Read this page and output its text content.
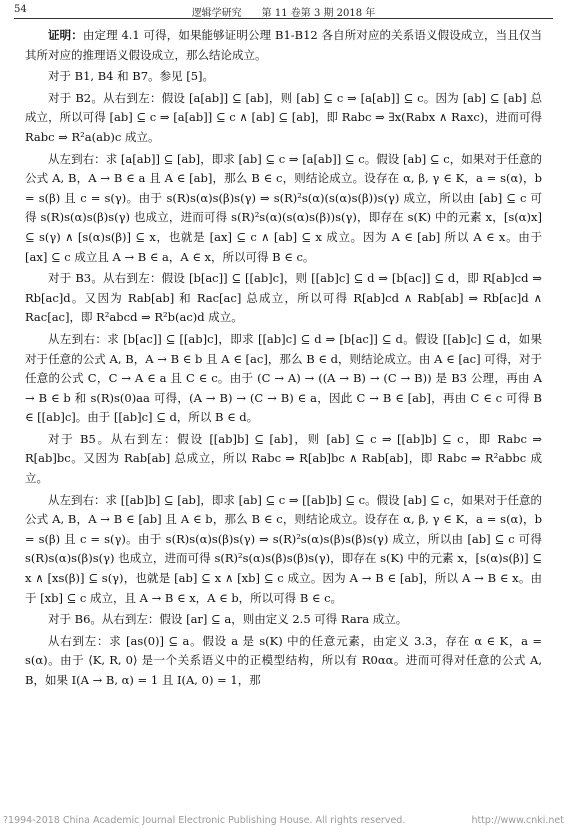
54	逻辑学研究　　第 11 卷第 3 期 2018 年

证明：由定理 4.1 可得，如果能够证明公理 B1-B12 各自所对应的关系语义假设成立，当且仅当其所对应的推理语义假设成立，那么结论成立。

对于 B1, B4 和 B7。参见 [5]。

对于 B2。从右到左：假设 [a[ab]] ⊆ [ab]，则 [ab] ⊆ c ⇒ [a[ab]] ⊆ c。因为 [ab] ⊆ [ab] 总成立，所以可得 [ab] ⊆ c ⇒ [a[ab]] ⊆ c ∧ [ab] ⊆ [ab]，即 Rabc ⇒ ∃x(Rabx ∧ Raxc)，进而可得 Rabc ⇒ R²a(ab)c 成立。

从左到右：求 [a[ab]] ⊆ [ab]，即求 [ab] ⊆ c ⇒ [a[ab]] ⊆ c。假设 [ab] ⊆ c，如果对于任意的公式 A, B，A → B ∈ a 且 A ∈ [ab]，那么 B ∈ c，则结论成立。设存在 α, β, γ ∈ K，a = s(α)，b = s(β) 且 c = s(γ)。由于 s(R)s(α)s(β)s(γ) ⇒ s(R)²s(α)(s(α)s(β))s(γ) 成立，所以由 [ab] ⊆ c 可得 s(R)s(α)s(β)s(γ) 也成立，进而可得 s(R)²s(α)(s(α)s(β))s(γ)，即存在 s(K) 中的元素 x，[s(α)x] ⊆ s(γ) ∧ [s(α)s(β)] ⊆ x，也就是 [ax] ⊆ c ∧ [ab] ⊆ x 成立。因为 A ∈ [ab] 所以 A ∈ x。由于 [ax] ⊆ c 成立且 A → B ∈ a，A ∈ x，所以可得 B ∈ c。

对于 B3。从右到左：假设 [b[ac]] ⊆ [[ab]c]，则 [[ab]c] ⊆ d ⇒ [b[ac]] ⊆ d，即 R[ab]cd ⇒ Rb[ac]d。又因为 Rab[ab] 和 Rac[ac] 总成立，所以可得 R[ab]cd ∧ Rab[ab] ⇒ Rb[ac]d ∧ Rac[ac]，即 R²abcd ⇒ R²b(ac)d 成立。

从左到右：求 [b[ac]] ⊆ [[ab]c]，即求 [[ab]c] ⊆ d ⇒ [b[ac]] ⊆ d。假设 [[ab]c] ⊆ d，如果对于任意的公式 A, B，A → B ∈ b 且 A ∈ [ac]，那么 B ∈ d，则结论成立。由 A ∈ [ac] 可得，对于任意的公式 C，C → A ∈ a 且 C ∈ c。由于 (C → A) → ((A → B) → (C → B)) 是 B3 公理，再由 A → B ∈ b 和 s(R)s(0)aa 可得，(A → B) → (C → B) ∈ a，因此 C → B ∈ [ab]，再由 C ∈ c 可得 B ∈ [[ab]c]。由于 [[ab]c] ⊆ d，所以 B ∈ d。

对于 B5。从右到左：假设 [[ab]b] ⊆ [ab]，则 [ab] ⊆ c ⇒ [[ab]b] ⊆ c，即 Rabc ⇒ R[ab]bc。又因为 Rab[ab] 总成立，所以 Rabc ⇒ R[ab]bc ∧ Rab[ab]，即 Rabc ⇒ R²abbc 成立。

从左到右：求 [[ab]b] ⊆ [ab]，即求 [ab] ⊆ c ⇒ [[ab]b] ⊆ c。假设 [ab] ⊆ c，如果对于任意的公式 A, B，A → B ∈ [ab] 且 A ∈ b，那么 B ∈ c，则结论成立。设存在 α, β, γ ∈ K，a = s(α)，b = s(β) 且 c = s(γ)。由于 s(R)s(α)s(β)s(γ) ⇒ s(R)²s(α)s(β)s(β)s(γ) 成立，所以由 [ab] ⊆ c 可得 s(R)s(α)s(β)s(γ) 也成立，进而可得 s(R)²s(α)s(β)s(β)s(γ)，即存在 s(K) 中的元素 x，[s(α)s(β)] ⊆ x ∧ [xs(β)] ⊆ s(γ)，也就是 [ab] ⊆ x ∧ [xb] ⊆ c 成立。因为 A → B ∈ [ab]，所以 A → B ∈ x。由于 [xb] ⊆ c 成立，且 A → B ∈ x，A ∈ b，所以可得 B ∈ c。

对于 B6。从右到左：假设 [ar] ⊆ a，则由定义 2.5 可得 Rara 成立。

从右到左：求 [as(0)] ⊆ a。假设 a 是 s(K) 中的任意元素，由定义 3.3，存在 α ∈ K，a = s(α)。由于 ⟨K, R, 0⟩ 是一个关系语义中的正模型结构，所以有 R0αα。进而可得对任意的公式 A, B，如果 I(A → B, α) = 1 且 I(A, 0) = 1，那

?1994-2018 China Academic Journal Electronic Publishing House. All rights reserved.	http://www.cnki.net
